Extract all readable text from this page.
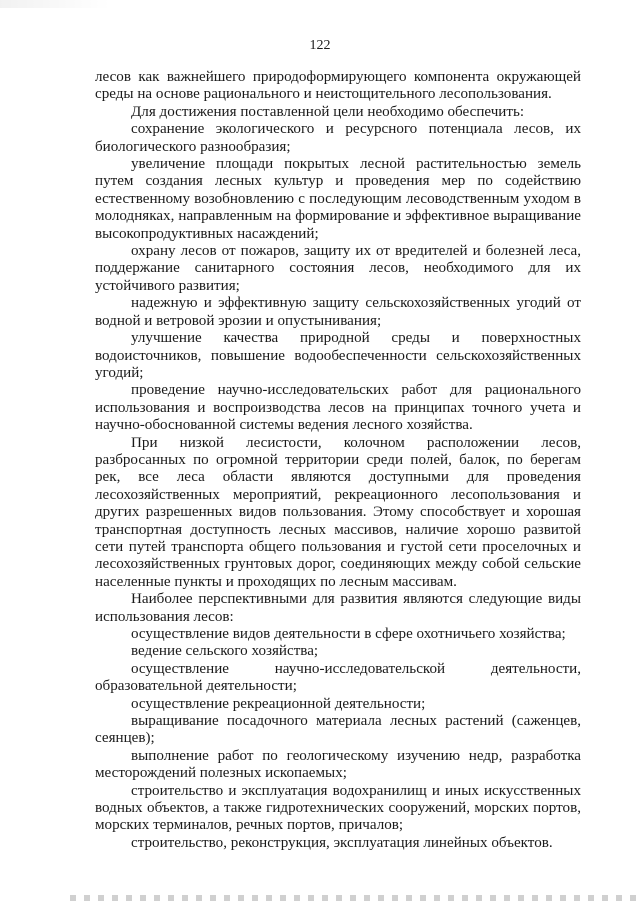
122

лесов как важнейшего природоформирующего компонента окружающей среды на основе рационального и неистощительного лесопользования.

Для достижения поставленной цели необходимо обеспечить:

сохранение экологического и ресурсного потенциала лесов, их биологического разнообразия;

увеличение площади покрытых лесной растительностью земель путем создания лесных культур и проведения мер по содействию естественному возобновлению с последующим лесоводственным уходом в молодняках, направленным на формирование и эффективное выращивание высокопродуктивных насаждений;

охрану лесов от пожаров, защиту их от вредителей и болезней леса, поддержание санитарного состояния лесов, необходимого для их устойчивого развития;

надежную и эффективную защиту сельскохозяйственных угодий от водной и ветровой эрозии и опустынивания;

улучшение качества природной среды и поверхностных водоисточников, повышение водообеспеченности сельскохозяйственных угодий;

проведение научно-исследовательских работ для рационального использования и воспроизводства лесов на принципах точного учета и научно-обоснованной системы ведения лесного хозяйства.

При низкой лесистости, колочном расположении лесов, разбросанных по огромной территории среди полей, балок, по берегам рек, все леса области являются доступными для проведения лесохозяйственных мероприятий, рекреационного лесопользования и других разрешенных видов пользования. Этому способствует и хорошая транспортная доступность лесных массивов, наличие хорошо развитой сети путей транспорта общего пользования и густой сети проселочных и лесохозяйственных грунтовых дорог, соединяющих между собой сельские населенные пункты и проходящих по лесным массивам.

Наиболее перспективными для развития являются следующие виды использования лесов:

осуществление видов деятельности в сфере охотничьего хозяйства;

ведение сельского хозяйства;

осуществление научно-исследовательской деятельности, образовательной деятельности;

осуществление рекреационной деятельности;

выращивание посадочного материала лесных растений (саженцев, сеянцев);

выполнение работ по геологическому изучению недр, разработка месторождений полезных ископаемых;

строительство и эксплуатация водохранилищ и иных искусственных водных объектов, а также гидротехнических сооружений, морских портов, морских терминалов, речных портов, причалов;

строительство, реконструкция, эксплуатация линейных объектов.
